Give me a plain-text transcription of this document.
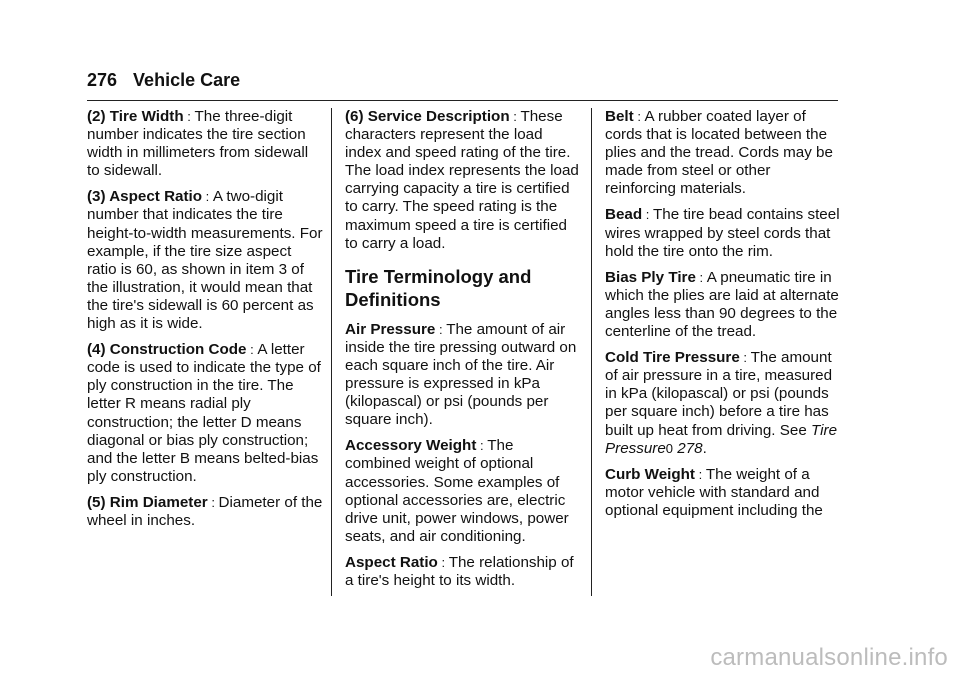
276 Vehicle Care

(2) Tire Width : The three-digit number indicates the tire section width in millimeters from sidewall to sidewall.

(3) Aspect Ratio : A two-digit number that indicates the tire height-to-width measurements. For example, if the tire size aspect ratio is 60, as shown in item 3 of the illustration, it would mean that the tire's sidewall is 60 percent as high as it is wide.

(4) Construction Code : A letter code is used to indicate the type of ply construction in the tire. The letter R means radial ply construction; the letter D means diagonal or bias ply construction; and the letter B means belted-bias ply construction.

(5) Rim Diameter : Diameter of the wheel in inches.

(6) Service Description : These characters represent the load index and speed rating of the tire. The load index represents the load carrying capacity a tire is certified to carry. The speed rating is the maximum speed a tire is certified to carry a load.

Tire Terminology and Definitions

Air Pressure : The amount of air inside the tire pressing outward on each square inch of the tire. Air pressure is expressed in kPa (kilopascal) or psi (pounds per square inch).

Accessory Weight : The combined weight of optional accessories. Some examples of optional accessories are, electric drive unit, power windows, power seats, and air conditioning.

Aspect Ratio : The relationship of a tire's height to its width.

Belt : A rubber coated layer of cords that is located between the plies and the tread. Cords may be made from steel or other reinforcing materials.

Bead : The tire bead contains steel wires wrapped by steel cords that hold the tire onto the rim.

Bias Ply Tire : A pneumatic tire in which the plies are laid at alternate angles less than 90 degrees to the centerline of the tread.

Cold Tire Pressure : The amount of air pressure in a tire, measured in kPa (kilopascal) or psi (pounds per square inch) before a tire has built up heat from driving. See Tire Pressure0 278.

Curb Weight : The weight of a motor vehicle with standard and optional equipment including the

carmanualsonline.info
